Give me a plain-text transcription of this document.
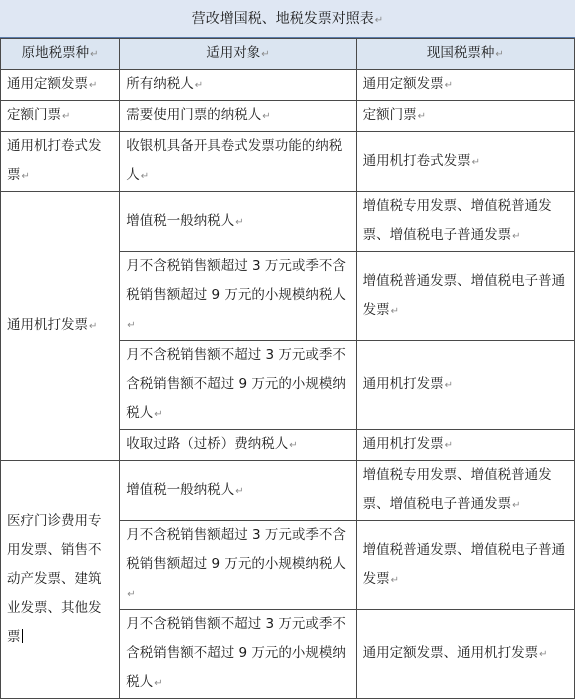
营改增国税、地税发票对照表↵
原地税票种↵	适用对象↵	现国税票种↵
通用定额发票↵	所有纳税人↵	通用定额发票↵
定额门票↵	需要使用门票的纳税人↵	定额门票↵
通用机打卷式发票↵	收银机具备开具卷式发票功能的纳税人↵	通用机打卷式发票↵
通用机打发票↵	增值税一般纳税人↵	增值税专用发票、增值税普通发票、增值税电子普通发票↵
	月不含税销售额超过 3 万元或季不含税销售额超过 9 万元的小规模纳税人↵	增值税普通发票、增值税电子普通发票↵
	月不含税销售额不超过 3 万元或季不含税销售额不超过 9 万元的小规模纳税人↵	通用机打发票↵
	收取过路（过桥）费纳税人↵	通用机打发票↵
医疗门诊费用专用发票、销售不动产发票、建筑业发票、其他发票	增值税一般纳税人↵	增值税专用发票、增值税普通发票、增值税电子普通发票↵
	月不含税销售额超过 3 万元或季不含税销售额超过 9 万元的小规模纳税人↵	增值税普通发票、增值税电子普通发票↵
	月不含税销售额不超过 3 万元或季不含税销售额不超过 9 万元的小规模纳税人↵	通用定额发票、通用机打发票↵
